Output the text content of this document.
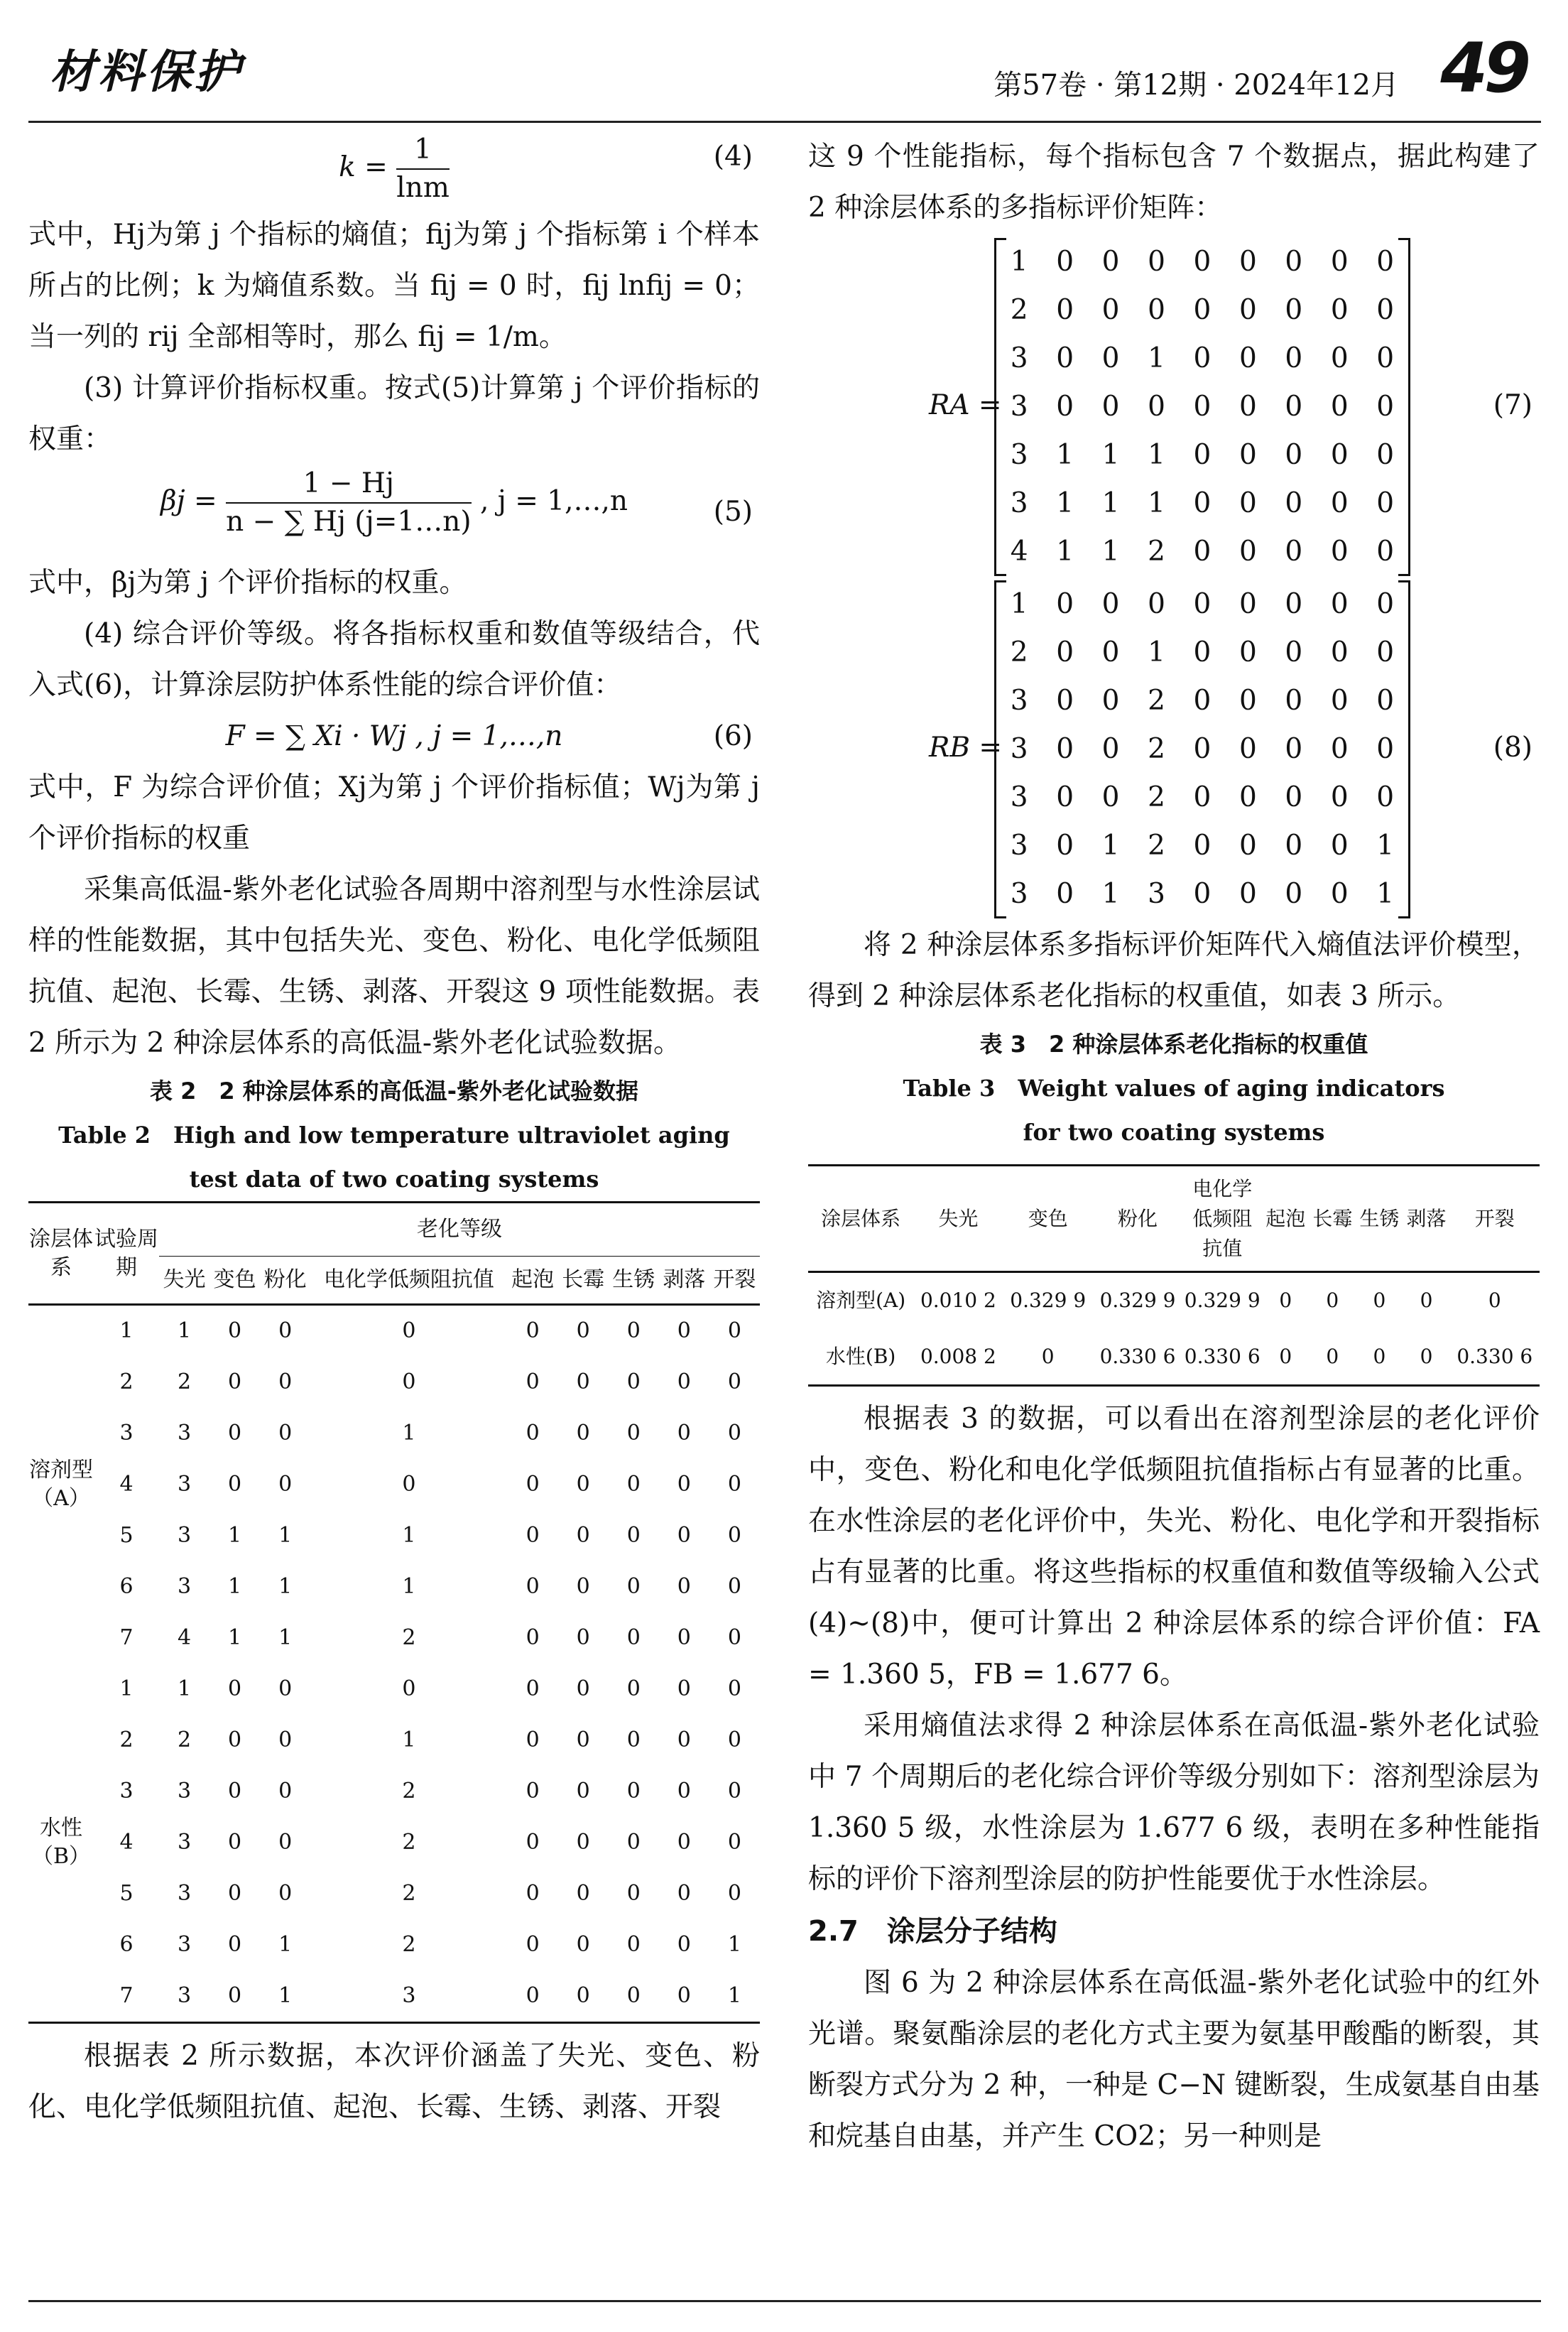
材料保护	第57卷 · 第12期 · 2024年12月 49
$k = \frac{1}{\ln m}$	(4)

式中，Hj为第 j 个指标的熵值；fij为第 j 个指标第 i 个样本所占的比例；k 为熵值系数。当 fij = 0 时，fij lnfij = 0；当一列的 rij 全部相等时，那么 fij = 1/m。

(3) 计算评价指标权重。按式(5)计算第 j 个评价指标的权重：

$\beta j = \frac{1 - Hj}{n - \sum Hj (j=1\dots n)}$ , j = 1,…,n	(5)

式中，βj为第 j 个评价指标的权重。

(4) 综合评价等级。将各指标权重和数值等级结合，代入式(6)，计算涂层防护体系性能的综合评价值：

F = ∑ Xi · Wj , j = 1,…,n	(6)

式中，F 为综合评价值；Xj为第 j 个评价指标值；Wj为第 j 个评价指标的权重

采集高低温-紫外老化试验各周期中溶剂型与水性涂层试样的性能数据，其中包括失光、变色、粉化、电化学低频阻抗值、起泡、长霉、生锈、剥落、开裂这 9 项性能数据。表 2 所示为 2 种涂层体系的高低温-紫外老化试验数据。

表 2　2 种涂层体系的高低温-紫外老化试验数据
Table 2　High and low temperature ultraviolet aging
test data of two coating systems
涂层体系	试验周期	老化等级								
		失光	变色	粉化	电化学低频阻抗值	起泡	长霉	生锈	剥落	开裂
溶剂型（A）	1	1	0	0	0	0	0	0	0	0
	2	2	0	0	0	0	0	0	0	0
	3	3	0	0	1	0	0	0	0	0
	4	3	0	0	0	0	0	0	0	0
	5	3	1	1	1	0	0	0	0	0
	6	3	1	1	1	0	0	0	0	0
	7	4	1	1	2	0	0	0	0	0
水性（B）	1	1	0	0	0	0	0	0	0	0
	2	2	0	0	1	0	0	0	0	0
	3	3	0	0	2	0	0	0	0	0
	4	3	0	0	2	0	0	0	0	0
	5	3	0	0	2	0	0	0	0	0
	6	3	0	1	2	0	0	0	0	1
	7	3	0	1	3	0	0	0	0	1

根据表 2 所示数据，本次评价涵盖了失光、变色、粉化、电化学低频阻抗值、起泡、长霉、生锈、剥落、开裂

这 9 个性能指标，每个指标包含 7 个数据点，据此构建了 2 种涂层体系的多指标评价矩阵：

RA =
1	0	0	0	0	0	0	0	0
2	0	0	0	0	0	0	0	0
3	0	0	1	0	0	0	0	0
3	0	0	0	0	0	0	0	0
3	1	1	1	0	0	0	0	0
3	1	1	1	0	0	0	0	0
4	1	1	2	0	0	0	0	0
(7)
RB =
1	0	0	0	0	0	0	0	0
2	0	0	1	0	0	0	0	0
3	0	0	2	0	0	0	0	0
3	0	0	2	0	0	0	0	0
3	0	0	2	0	0	0	0	0
3	0	1	2	0	0	0	0	1
3	0	1	3	0	0	0	0	1
(8)

将 2 种涂层体系多指标评价矩阵代入熵值法评价模型，得到 2 种涂层体系老化指标的权重值，如表 3 所示。

表 3　2 种涂层体系老化指标的权重值
Table 3　Weight values of aging indicators
for two coating systems
涂层体系	失光	变色	粉化	电化学低频阻抗值	起泡	长霉	生锈	剥落	开裂
溶剂型(A)	0.010 2	0.329 9	0.329 9	0.329 9	0	0	0	0	0
水性(B)	0.008 2	0	0.330 6	0.330 6	0	0	0	0	0.330 6

根据表 3 的数据，可以看出在溶剂型涂层的老化评价中，变色、粉化和电化学低频阻抗值指标占有显著的比重。在水性涂层的老化评价中，失光、粉化、电化学和开裂指标占有显著的比重。将这些指标的权重值和数值等级输入公式(4)~(8)中，便可计算出 2 种涂层体系的综合评价值：FA = 1.360 5，FB = 1.677 6。

采用熵值法求得 2 种涂层体系在高低温-紫外老化试验中 7 个周期后的老化综合评价等级分别如下：溶剂型涂层为 1.360 5 级，水性涂层为 1.677 6 级，表明在多种性能指标的评价下溶剂型涂层的防护性能要优于水性涂层。

2.7　涂层分子结构

图 6 为 2 种涂层体系在高低温-紫外老化试验中的红外光谱。聚氨酯涂层的老化方式主要为氨基甲酸酯的断裂，其断裂方式分为 2 种，一种是 C−N 键断裂，生成氨基自由基和烷基自由基，并产生 CO2；另一种则是
